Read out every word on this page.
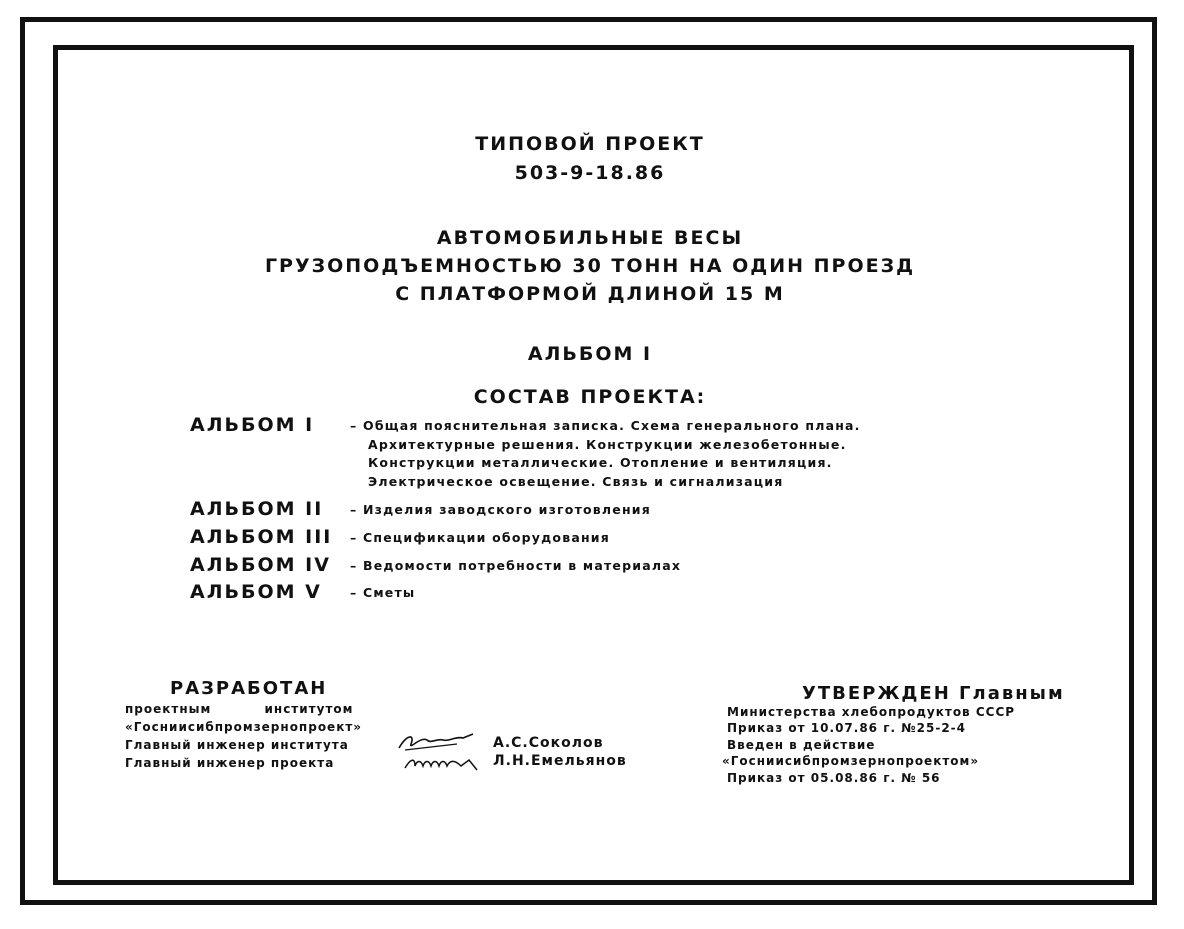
ТИПОВОЙ ПРОЕКТ
503-9-18.86
АВТОМОБИЛЬНЫЕ ВЕСЫ
ГРУЗОПОДЪЕМНОСТЬЮ 30 ТОНН НА ОДИН ПРОЕЗД
С ПЛАТФОРМОЙ ДЛИНОЙ 15 М
АЛЬБОМ I
СОСТАВ ПРОЕКТА:
АЛЬБОМ I	– Общая пояснительная записка. Схема генерального плана.
Архитектурные решения. Конструкции железобетонные.
Конструкции металлические. Отопление и вентиляция.
Электрическое освещение. Связь и сигнализация
АЛЬБОМ II – Изделия заводского изготовления
АЛЬБОМ III – Спецификации оборудования
АЛЬБОМ IV – Ведомости потребности в материалах
АЛЬБОМ V – Сметы
РАЗРАБОТАН
проектным институтом
«Госниисибпромзернопроект»
Главный инженер института
Главный инженер проекта
А.С.Соколов
Л.Н.Емельянов
УТВЕРЖДЕН Главным
Министерства хлебопродуктов СССР
Приказ от 10.07.86 г. №25-2-4
Введен в действие
«Госниисибпромзернопроектом»
Приказ от 05.08.86 г. № 56
